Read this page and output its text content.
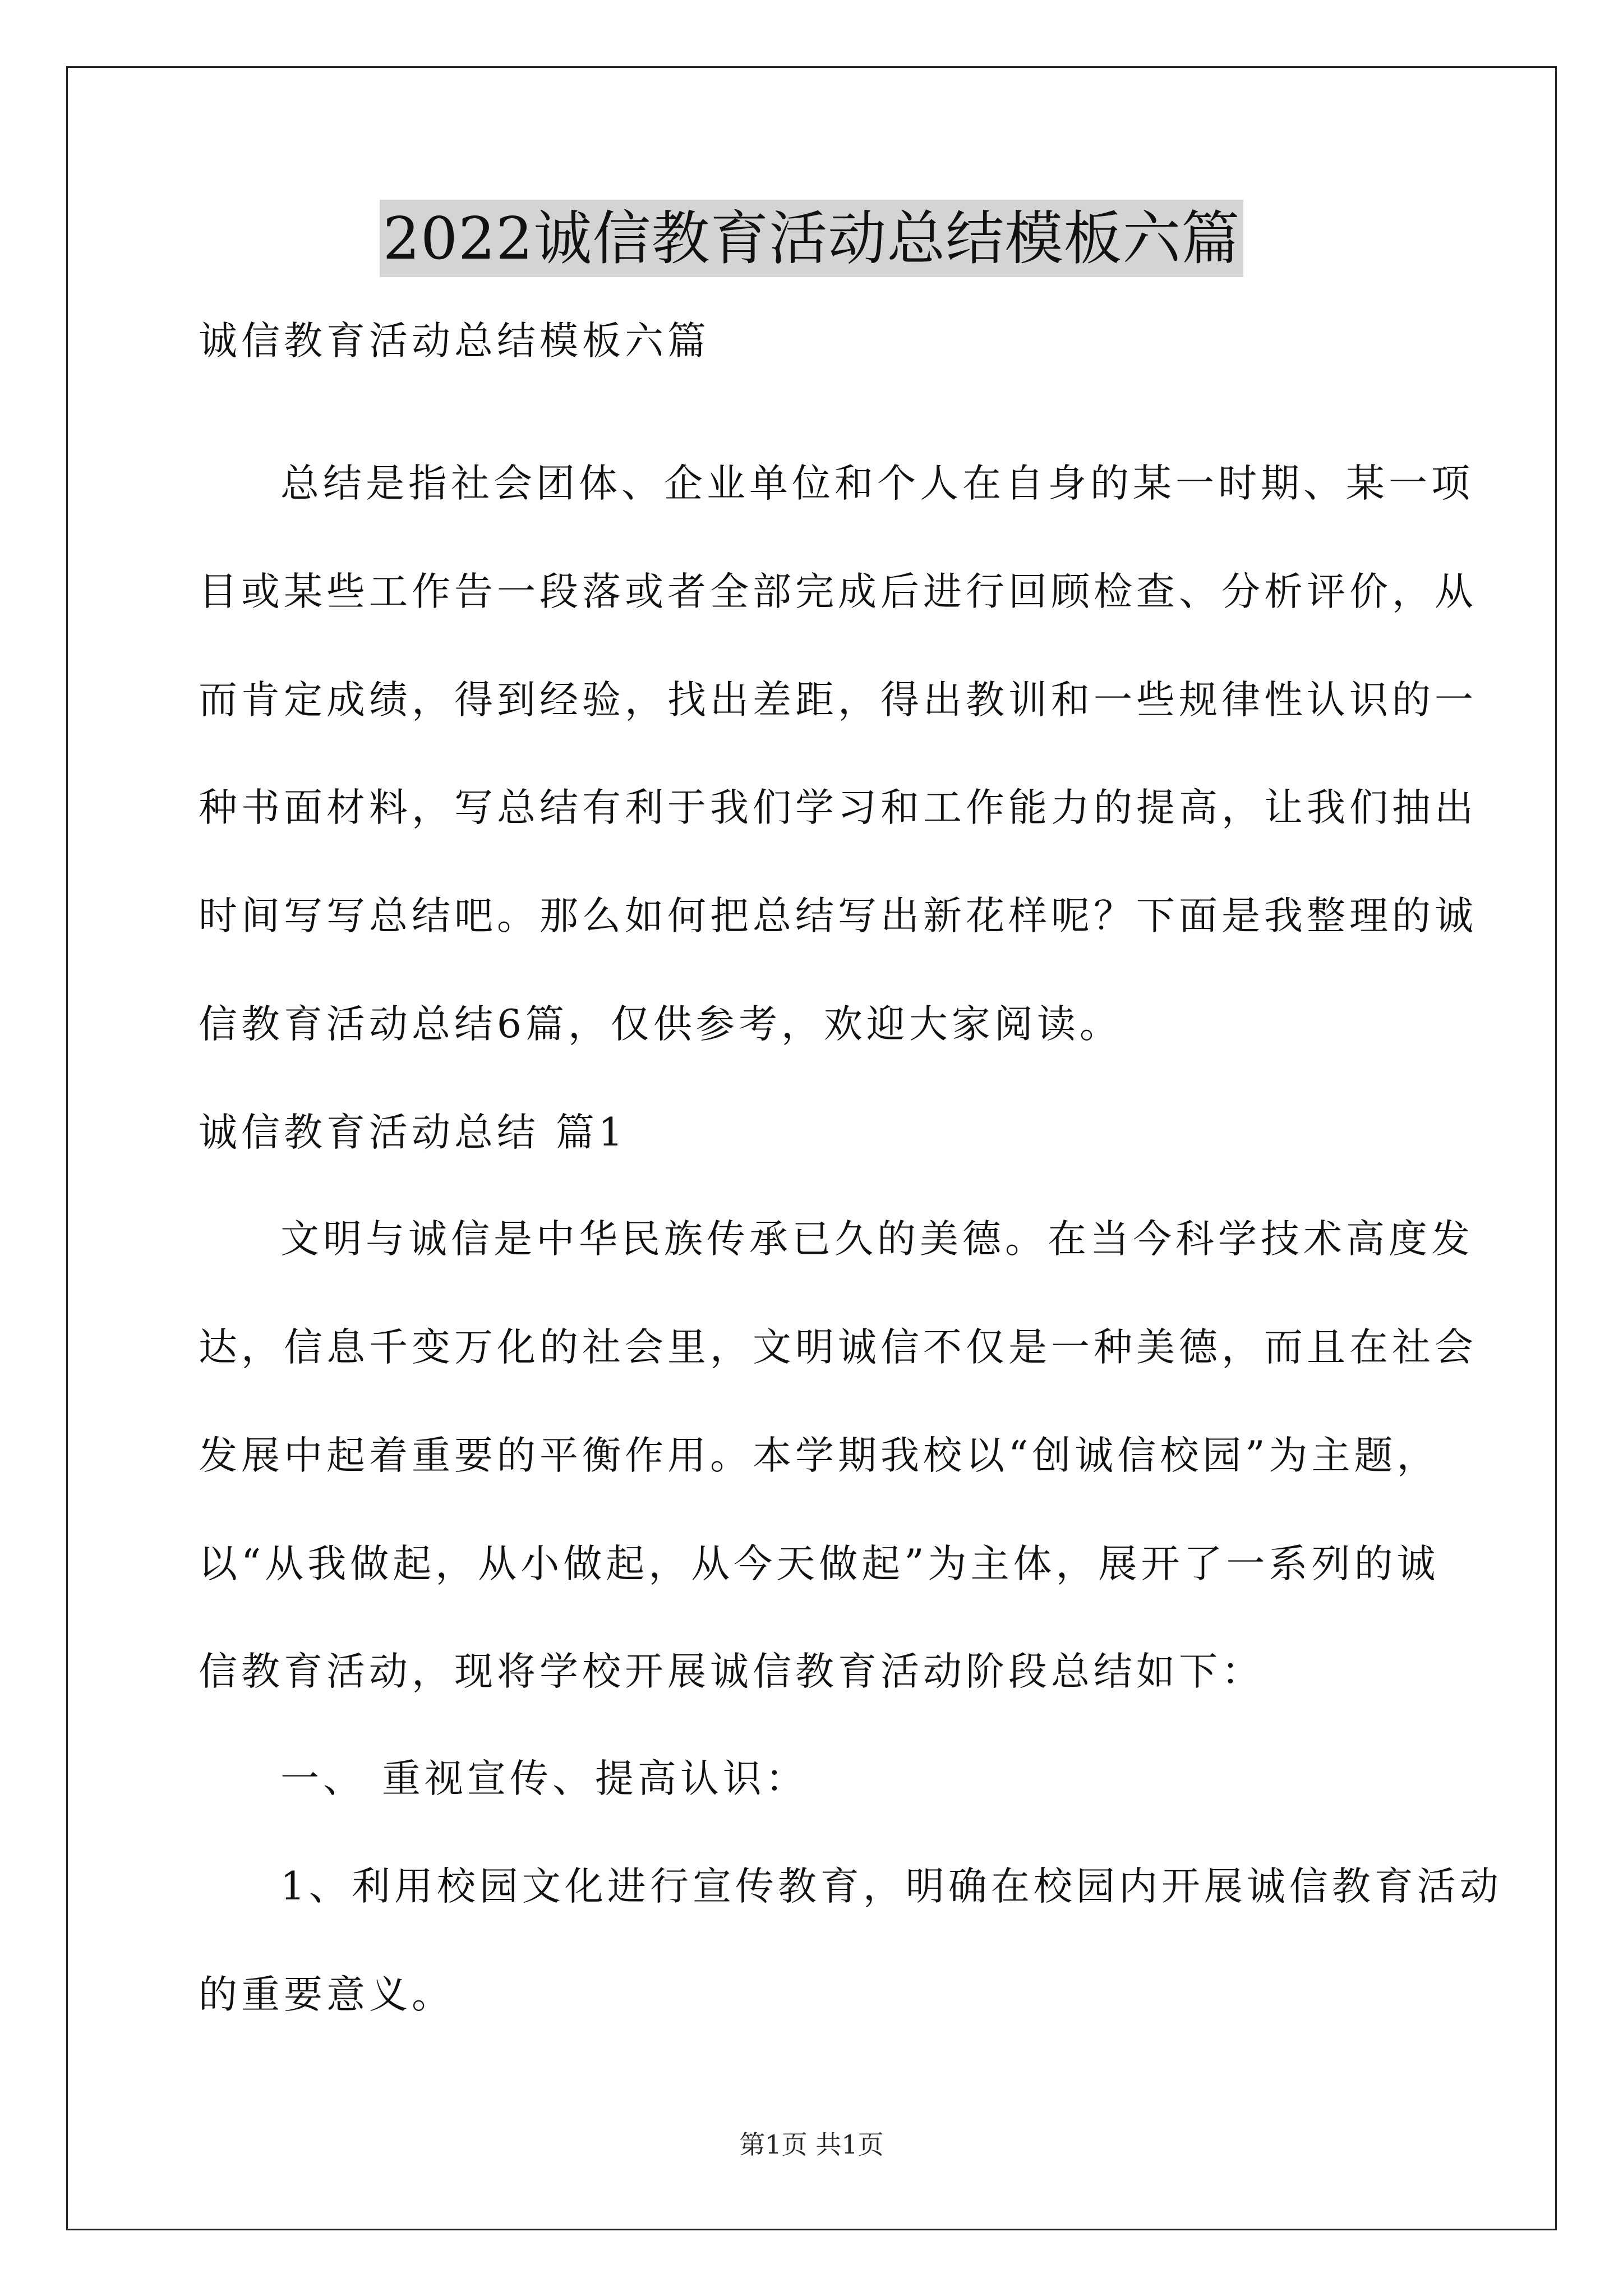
2022诚信教育活动总结模板六篇
诚信教育活动总结模板六篇
总结是指社会团体、企业单位和个人在自身的某一时期、某一项
目或某些工作告一段落或者全部完成后进行回顾检查、分析评价，从
而肯定成绩，得到经验，找出差距，得出教训和一些规律性认识的一
种书面材料，写总结有利于我们学习和工作能力的提高，让我们抽出
时间写写总结吧。那么如何把总结写出新花样呢？下面是我整理的诚
信教育活动总结6篇，仅供参考，欢迎大家阅读。
诚信教育活动总结 篇1
文明与诚信是中华民族传承已久的美德。在当今科学技术高度发
达，信息千变万化的社会里，文明诚信不仅是一种美德，而且在社会
发展中起着重要的平衡作用。本学期我校以“创诚信校园”为主题，
以“从我做起，从小做起，从今天做起”为主体，展开了一系列的诚
信教育活动，现将学校开展诚信教育活动阶段总结如下：
一、 重视宣传、提高认识：
1、利用校园文化进行宣传教育，明确在校园内开展诚信教育活动
的重要意义。
第1页 共1页
